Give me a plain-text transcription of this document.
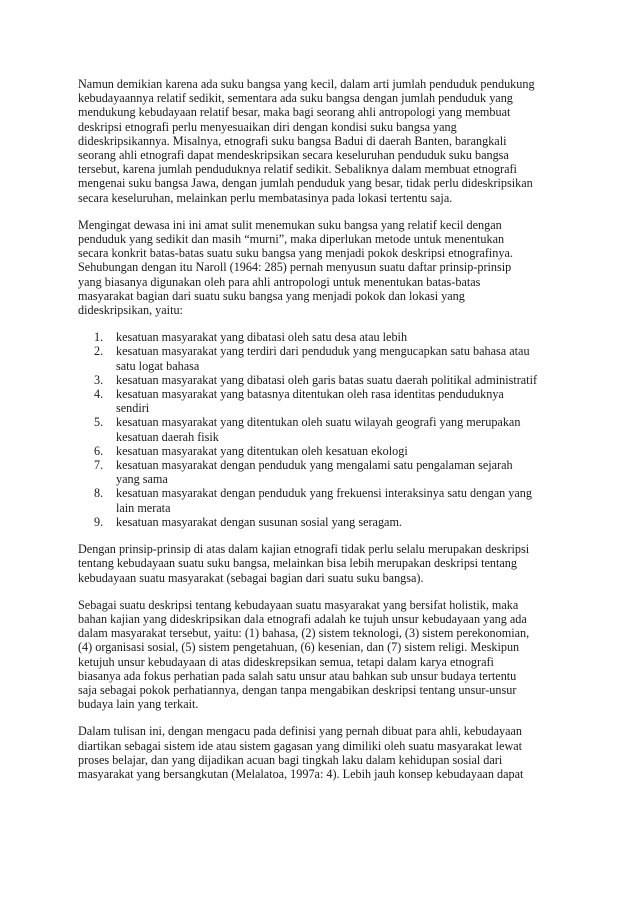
Namun demikian karena ada suku bangsa yang kecil, dalam arti jumlah penduduk pendukung
kebudayaannya relatif sedikit, sementara ada suku bangsa dengan jumlah penduduk yang
mendukung kebudayaan relatif besar, maka bagi seorang ahli antropologi yang membuat
deskripsi etnografi perlu menyesuaikan diri dengan kondisi suku bangsa yang
dideskripsikannya. Misalnya, etnografi suku bangsa Badui di daerah Banten, barangkali
seorang ahli etnografi dapat mendeskripsikan secara keseluruhan penduduk suku bangsa
tersebut, karena jumlah penduduknya relatif sedikit. Sebaliknya dalam membuat etnografi
mengenai suku bangsa Jawa, dengan jumlah penduduk yang besar, tidak perlu dideskripsikan
secara keseluruhan, melainkan perlu membatasinya pada lokasi tertentu saja.

Mengingat dewasa ini ini amat sulit menemukan suku bangsa yang relatif kecil dengan
penduduk yang sedikit dan masih “murni”, maka diperlukan metode untuk menentukan
secara konkrit batas-batas suatu suku bangsa yang menjadi pokok deskripsi etnografinya.
Sehubungan dengan itu Naroll (1964: 285) pernah menyusun suatu daftar prinsip-prinsip
yang biasanya digunakan oleh para ahli antropologi untuk menentukan batas-batas
masyarakat bagian dari suatu suku bangsa yang menjadi pokok dan lokasi yang
dideskripsikan, yaitu:

1. kesatuan masyarakat yang dibatasi oleh satu desa atau lebih
2. kesatuan masyarakat yang terdiri dari penduduk yang mengucapkan satu bahasa atau
satu logat bahasa
3. kesatuan masyarakat yang dibatasi oleh garis batas suatu daerah politikal administratif
4. kesatuan masyarakat yang batasnya ditentukan oleh rasa identitas penduduknya
sendiri
5. kesatuan masyarakat yang ditentukan oleh suatu wilayah geografi yang merupakan
kesatuan daerah fisik
6. kesatuan masyarakat yang ditentukan oleh kesatuan ekologi
7. kesatuan masyarakat dengan penduduk yang mengalami satu pengalaman sejarah
yang sama
8. kesatuan masyarakat dengan penduduk yang frekuensi interaksinya satu dengan yang
lain merata
9. kesatuan masyarakat dengan susunan sosial yang seragam.

Dengan prinsip-prinsip di atas dalam kajian etnografi tidak perlu selalu merupakan deskripsi
tentang kebudayaan suatu suku bangsa, melainkan bisa lebih merupakan deskripsi tentang
kebudayaan suatu masyarakat (sebagai bagian dari suatu suku bangsa).

Sebagai suatu deskripsi tentang kebudayaan suatu masyarakat yang bersifat holistik, maka
bahan kajian yang dideskripsikan dala etnografi adalah ke tujuh unsur kebudayaan yang ada
dalam masyarakat tersebut, yaitu: (1) bahasa, (2) sistem teknologi, (3) sistem perekonomian,
(4) organisasi sosial, (5) sistem pengetahuan, (6) kesenian, dan (7) sistem religi. Meskipun
ketujuh unsur kebudayaan di atas dideskrepsikan semua, tetapi dalam karya etnografi
biasanya ada fokus perhatian pada salah satu unsur atau bahkan sub unsur budaya tertentu
saja sebagai pokok perhatiannya, dengan tanpa mengabikan deskripsi tentang unsur-unsur
budaya lain yang terkait.

Dalam tulisan ini, dengan mengacu pada definisi yang pernah dibuat para ahli, kebudayaan
diartikan sebagai sistem ide atau sistem gagasan yang dimiliki oleh suatu masyarakat lewat
proses belajar, dan yang dijadikan acuan bagi tingkah laku dalam kehidupan sosial dari
masyarakat yang bersangkutan (Melalatoa, 1997a: 4). Lebih jauh konsep kebudayaan dapat
